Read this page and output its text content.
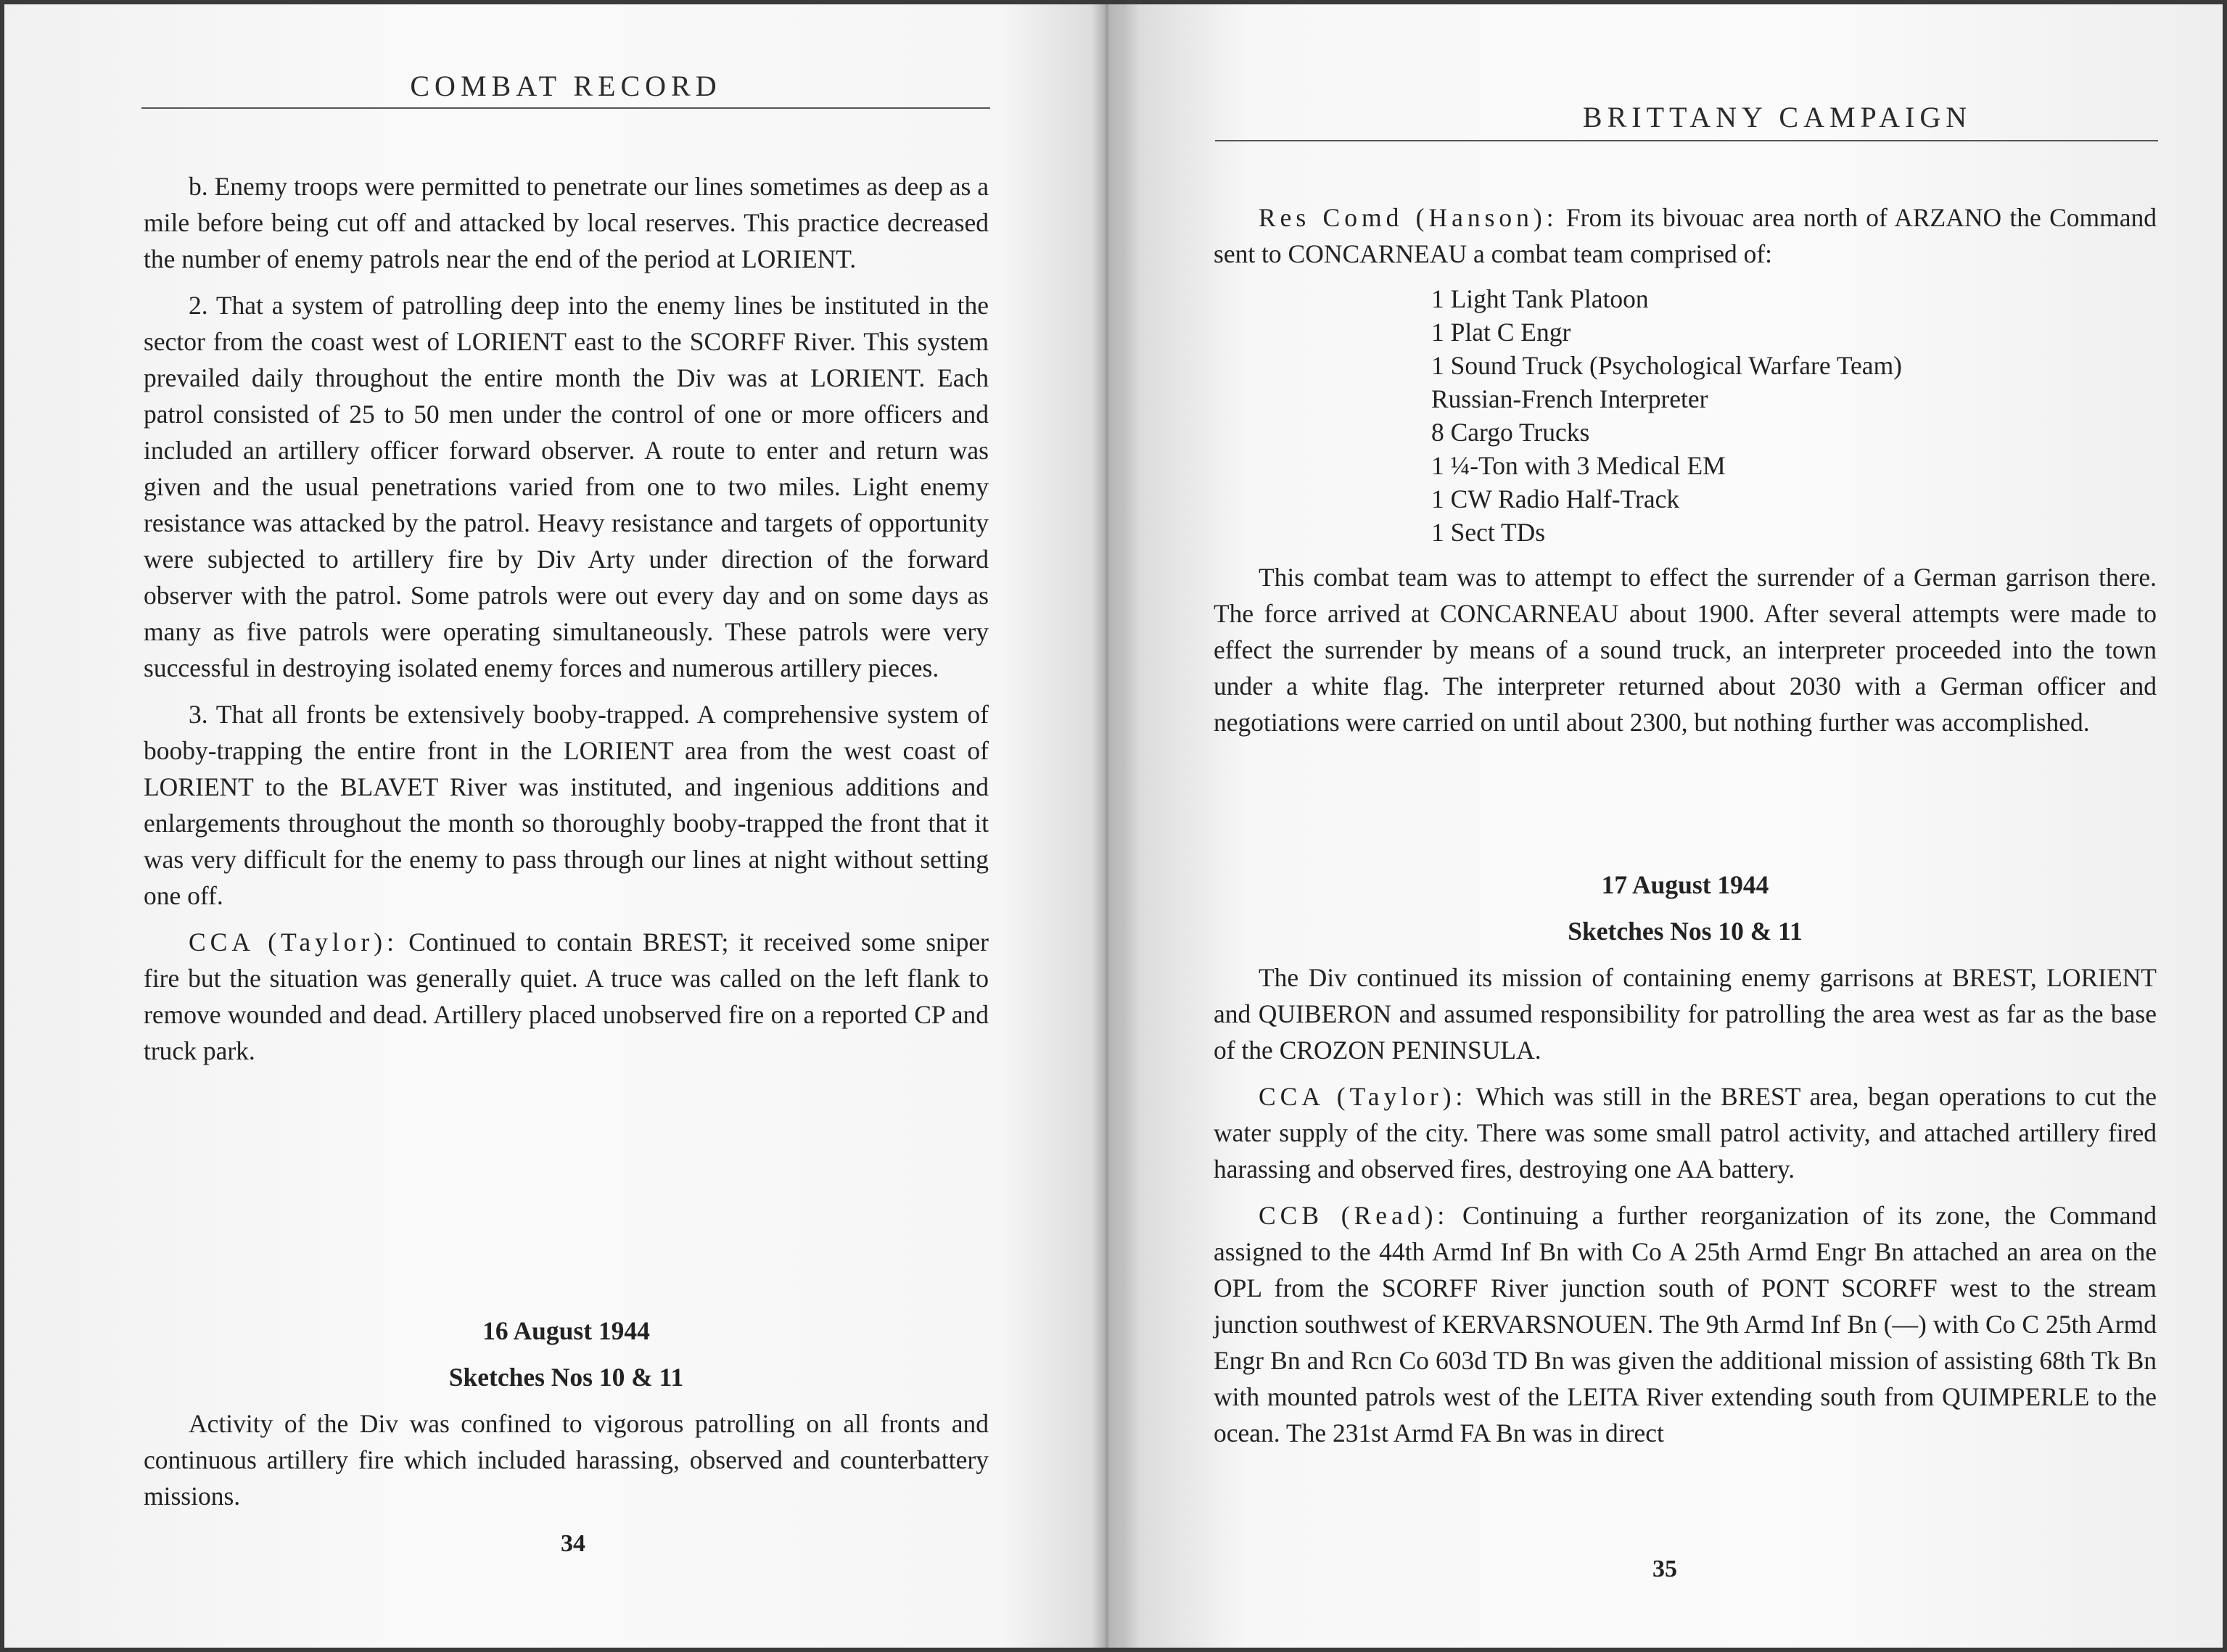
COMBAT RECORD

b. Enemy troops were permitted to penetrate our lines sometimes as deep as a mile before being cut off and attacked by local reserves. This practice decreased the number of enemy patrols near the end of the period at LORIENT.

2. That a system of patrolling deep into the enemy lines be instituted in the sector from the coast west of LORIENT east to the SCORFF River. This system prevailed daily throughout the entire month the Div was at LORIENT. Each patrol consisted of 25 to 50 men under the control of one or more officers and included an artillery officer forward observer. A route to enter and return was given and the usual penetrations varied from one to two miles. Light enemy resistance was attacked by the patrol. Heavy resistance and targets of opportunity were subjected to artillery fire by Div Arty under direction of the forward observer with the patrol. Some patrols were out every day and on some days as many as five patrols were operating simultaneously. These patrols were very successful in destroying isolated enemy forces and numerous artillery pieces.

3. That all fronts be extensively booby-trapped. A comprehensive system of booby-trapping the entire front in the LORIENT area from the west coast of LORIENT to the BLAVET River was instituted, and ingenious additions and enlargements throughout the month so thoroughly booby-trapped the front that it was very difficult for the enemy to pass through our lines at night without setting one off.

CCA (Taylor): Continued to contain BREST; it received some sniper fire but the situation was generally quiet. A truce was called on the left flank to remove wounded and dead. Artillery placed unobserved fire on a reported CP and truck park.

16 August 1944

Sketches Nos 10 & 11

Activity of the Div was confined to vigorous patrolling on all fronts and continuous artillery fire which included harassing, observed and counterbattery missions.

34
BRITTANY CAMPAIGN

Res Comd (Hanson): From its bivouac area north of ARZANO the Command sent to CONCARNEAU a combat team comprised of:

1 Light Tank Platoon
1 Plat C Engr
1 Sound Truck (Psychological Warfare Team)
Russian-French Interpreter
8 Cargo Trucks
1 ¼-Ton with 3 Medical EM
1 CW Radio Half-Track
1 Sect TDs

This combat team was to attempt to effect the surrender of a German garrison there. The force arrived at CONCARNEAU about 1900. After several attempts were made to effect the surrender by means of a sound truck, an interpreter proceeded into the town under a white flag. The interpreter returned about 2030 with a German officer and negotiations were carried on until about 2300, but nothing further was accomplished.

17 August 1944

Sketches Nos 10 & 11

The Div continued its mission of containing enemy garrisons at BREST, LORIENT and QUIBERON and assumed responsibility for patrolling the area west as far as the base of the CROZON PENINSULA.

CCA (Taylor): Which was still in the BREST area, began operations to cut the water supply of the city. There was some small patrol activity, and attached artillery fired harassing and observed fires, destroying one AA battery.

CCB (Read): Continuing a further reorganization of its zone, the Command assigned to the 44th Armd Inf Bn with Co A 25th Armd Engr Bn attached an area on the OPL from the SCORFF River junction south of PONT SCORFF west to the stream junction southwest of KERVARSNOUEN. The 9th Armd Inf Bn (—) with Co C 25th Armd Engr Bn and Rcn Co 603d TD Bn was given the additional mission of assisting 68th Tk Bn with mounted patrols west of the LEITA River extending south from QUIMPERLE to the ocean. The 231st Armd FA Bn was in direct

35
